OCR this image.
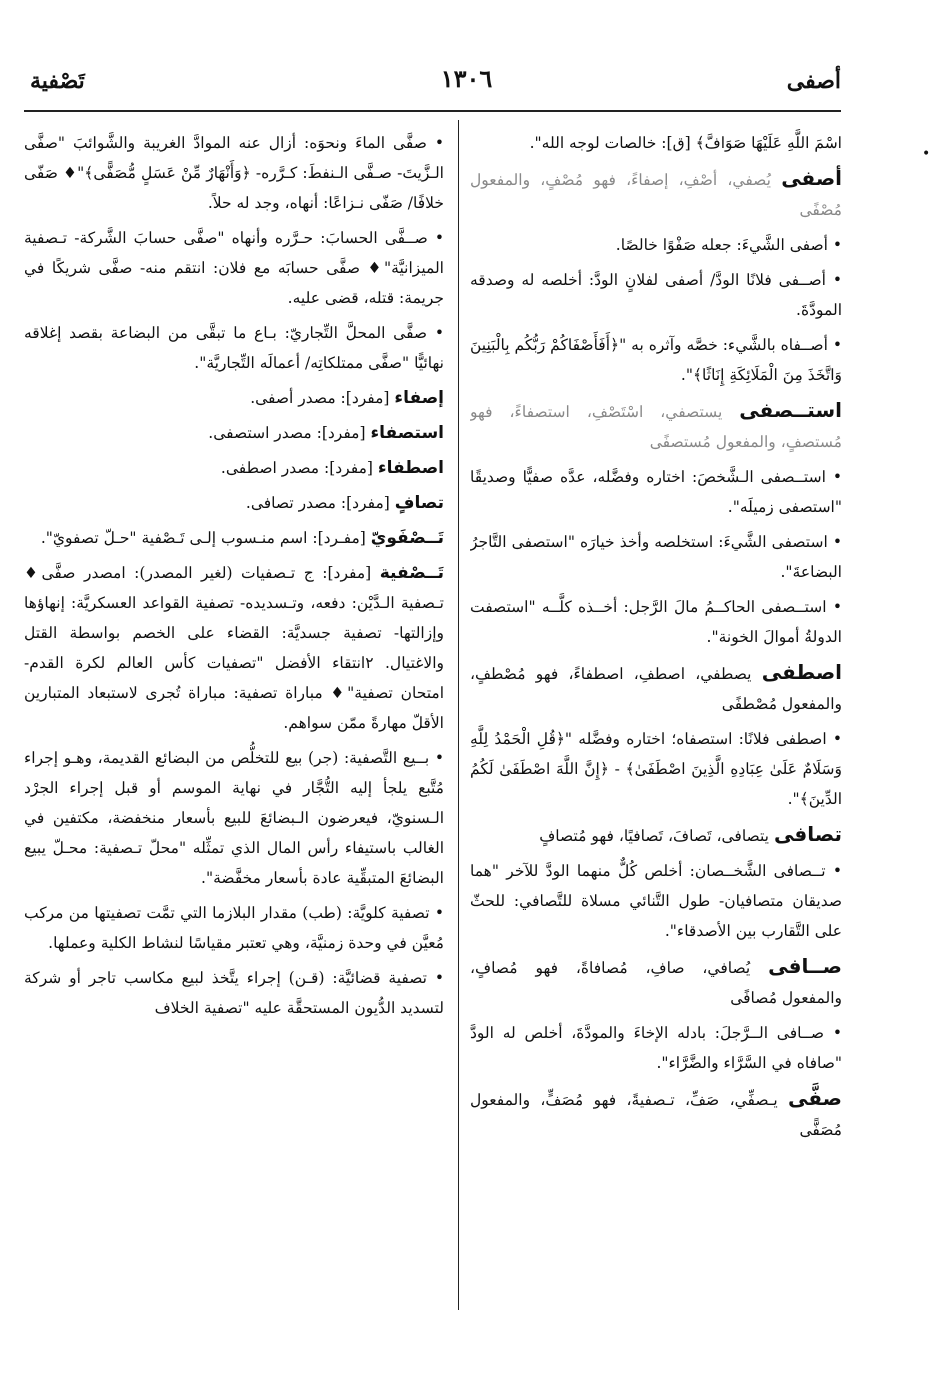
أصفى
١٣٠٦
تَصْفية
•
اسْمَ اللَّهِ عَلَيْهَا صَوَافَّ﴾ [ق]: خالصات لوجه الله".
أصفى يُصفي، أصْفِ، إصفاءً، فهو مُصْفٍ، والمفعول مُصْفًى
• أصفى الشَّيءَ: جعله صَفْوًا خالصًا.
• أصــفى فلانًا الودَّ/ أصفى لفلانٍ الودَّ: أخلصه له وصدقه المودَّةَ.
• أصــفاه بالشَّيء: خصَّه وآثره به "﴿أَفَأَصْفَاكُمْ رَبُّكُم بِالْبَنِينَ وَاتَّخَذَ مِنَ الْمَلَائِكَةِ إِنَاثًا﴾".
استــصفى يستصفي، اسْتَصْفِ، استصفاءً، فهو مُستصفٍ، والمفعول مُستصفًى
• استــصفى الـشَّخصَ: اختاره وفضَّله، عدَّه صفيًّا وصديقًا "استصفى زميلَه".
• استصفى الشَّيءَ: استخلصه وأخذ خيارَه "استصفى التَّاجرُ البضاعةَ".
• استــصفى الحاكــمُ مالَ الرَّجل: أخــذه كلَّــه "استصفت الدولةُ أموالَ الخونة".
اصطفى يصطفي، اصطفِ، اصطفاءً، فهو مُصْطفٍ، والمفعول مُصْطفًى
• اصطفى فلانًا: استصفاه؛ اختاره وفضَّله "﴿قُلِ الْحَمْدُ لِلَّهِ وَسَلَامٌ عَلَىٰ عِبَادِهِ الَّذِينَ اصْطَفَىٰ﴾ - ﴿إِنَّ اللَّهَ اصْطَفَىٰ لَكُمُ الدِّينَ﴾".
تصافى يتصافى، تَصافَ، تَصافيًا، فهو مُتصافٍ
• تــصافى الشَّخــصان: أخلص كُلٌّ منهما الودَّ للآخر "هما صديقان متصافيان- طول التَّنائي مسلاة للتَّصافي: للحثّ على التَّقارب بين الأصدقاء".
صــافى يُصافي، صافِ، مُصافاةً، فهو مُصافٍ، والمفعول مُصافًى
• صــافى الــرَّجلَ: بادله الإخاءَ والمودَّةَ، أخلص له الودَّ "صافاه في السَّرَّاء والضَّرَّاء".
صفَّى يـصفِّي، صَفِّ، تـصفيةً، فهو مُصَفٍّ، والمفعول مُصَفًّى
• صفَّى الماءَ ونحوَه: أزال عنه الموادَّ الغريبة والشَّوائبَ "صفَّى الـزَّيتَ- صـفَّى الـنفطَ: كـرَّره- ﴿وَأَنْهَارٌ مِّنْ عَسَلٍ مُّصَفًّى﴾"♦ صَفّى خلافًا/ صَفّى نـزاعًا: أنهاه، وجد له حلاً.
• صــفَّى الحسابَ: حـرَّره وأنهاه "صفَّى حسابَ الشَّركة- تـصفية الميزانيَّة"♦ صفَّى حسابَه مع فلان: انتقم منه- صفَّى شريكًا في جريمة: قتله، قضى عليه.
• صفَّى المحلَّ التِّجاريّ: بـاع ما تبقَّى من البضاعة بقصد إغلاقه نهائيًّا "صفَّى ممتلكاتِه/ أعمالَه التِّجاريَّة".
إصفاء [مفرد]: مصدر أصفى.
استصفاء [مفرد]: مصدر استصفى.
اصطفاء [مفرد]: مصدر اصطفى.
تصافٍ [مفرد]: مصدر تصافى.
تَــصْفَويّ [مفـرد]: اسم منـسوب إلـى تَـصْفية "حـلّ تصفويّ".
تَــصْفية [مفرد]: ج تـصفيات (لغير المصدر): امصدر صفَّى♦ تـصفية الـدَّيْن: دفعه، وتـسديده- تصفية القواعد العسكريَّة: إنهاؤها وإزالتها- تصفية جسديَّة: القضاء على الخصم بواسطة القتل والاغتيال. ٢انتقاء الأفضل "تصفيات كأس العالم لكرة القدم- امتحان تصفية"♦ مباراة تصفية: مباراة تُجرى لاستبعاد المتبارين الأقلّ مهارةً ممّن سواهم.
• بــيع التَّصفية: (جر) بيع للتخلُّص من البضائع القديمة، وهـو إجراء مُتَّبع يلجأ إليه التُّجَّار في نهاية الموسم أو قبل إجراء الجرْد الـسنويّ، فيعرضون الـبضائعَ للبيع بأسعار منخفضة، مكتفين في الغالب باستيفاء رأس المال الذي تمثِّله "محلّ تـصفية: محـلّ يبيع البضائعَ المتبقِّية عادة بأسعار مخفَّضة".
• تصفية كلويَّة: (طب) مقدار البلازما التي تمَّت تصفيتها من مركب مُعيَّن في وحدة زمنيَّة، وهي تعتبر مقياسًا لنشاط الكلية وعملها.
• تصفية قضائيَّة: (قـن) إجراء يتَّخذ لبيع مكاسب تاجر أو شركة لتسديد الدُّيون المستحقَّة عليه "تصفية الخلاف
